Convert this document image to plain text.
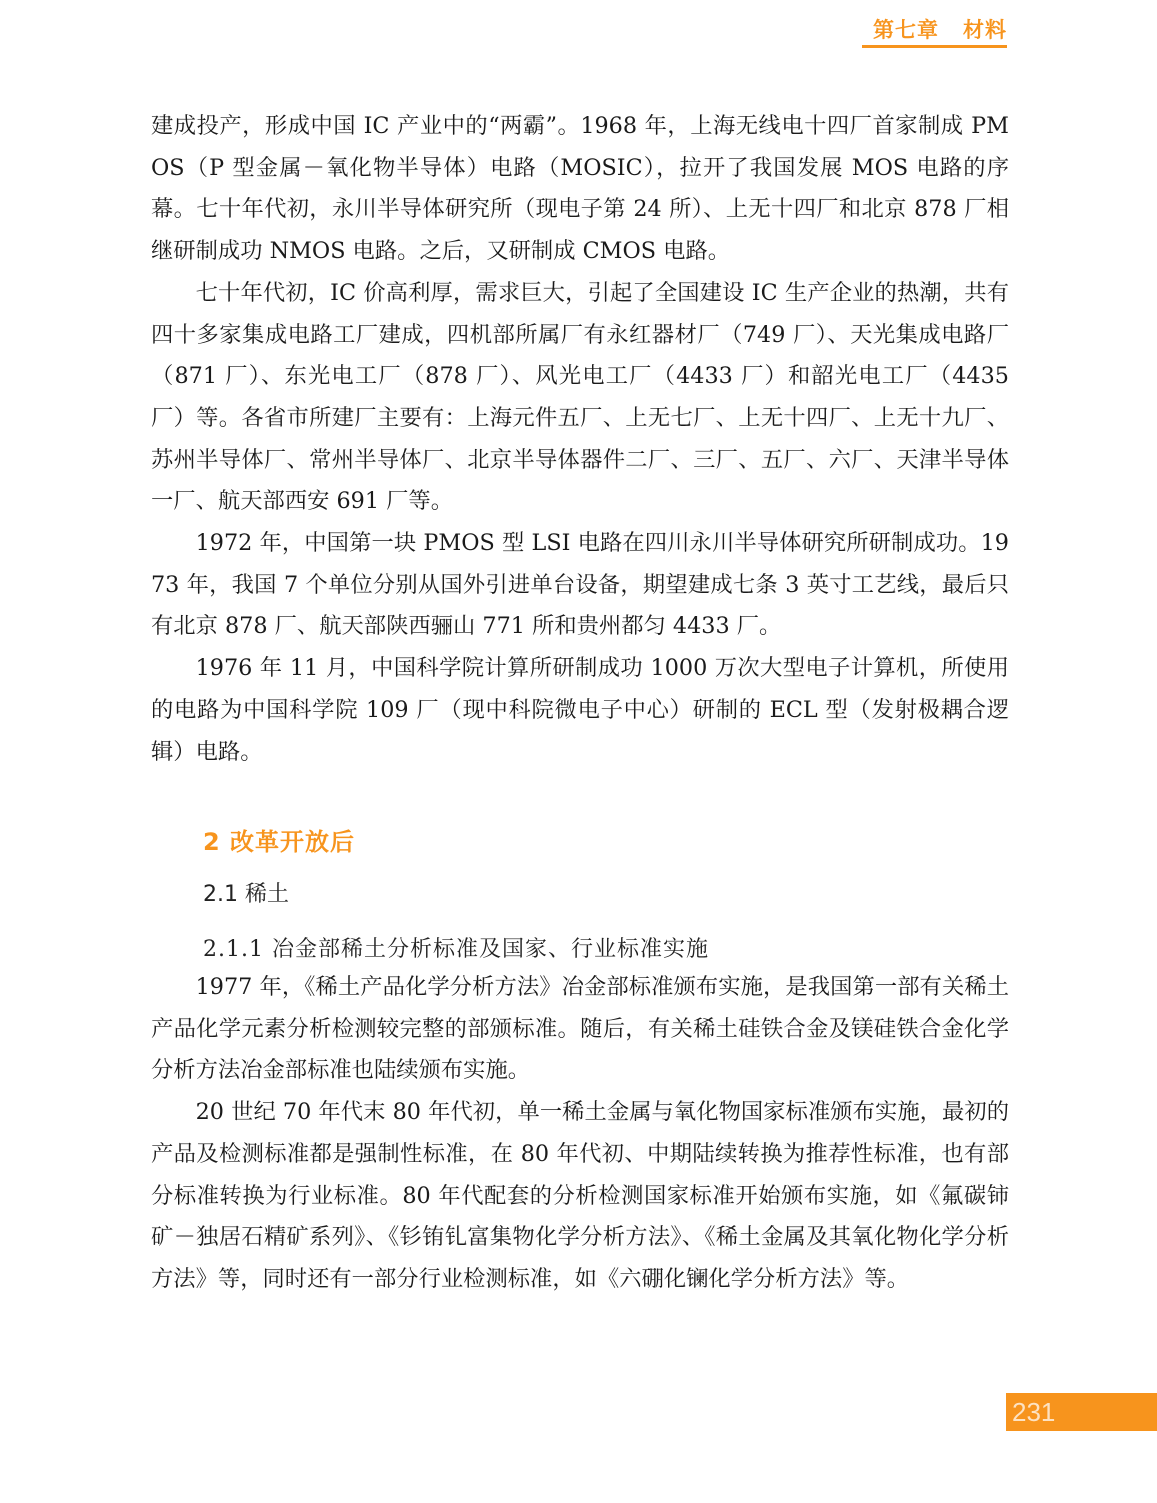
第七章 材料

建成投产，形成中国 IC 产业中的“两霸”。1968 年，上海无线电十四厂首家制成 PMOS（P 型金属－氧化物半导体）电路（MOSIC），拉开了我国发展 MOS 电路的序幕。七十年代初，永川半导体研究所（现电子第 24 所）、上无十四厂和北京 878 厂相继研制成功 NMOS 电路。之后，又研制成 CMOS 电路。

七十年代初，IC 价高利厚，需求巨大，引起了全国建设 IC 生产企业的热潮，共有四十多家集成电路工厂建成，四机部所属厂有永红器材厂（749 厂）、天光集成电路厂（871 厂）、东光电工厂（878 厂）、风光电工厂（4433 厂）和韶光电工厂（4435 厂）等。各省市所建厂主要有：上海元件五厂、上无七厂、上无十四厂、上无十九厂、苏州半导体厂、常州半导体厂、北京半导体器件二厂、三厂、五厂、六厂、天津半导体一厂、航天部西安 691 厂等。

1972 年，中国第一块 PMOS 型 LSI 电路在四川永川半导体研究所研制成功。1973 年，我国 7 个单位分别从国外引进单台设备，期望建成七条 3 英寸工艺线，最后只有北京 878 厂、航天部陕西骊山 771 所和贵州都匀 4433 厂。

1976 年 11 月，中国科学院计算所研制成功 1000 万次大型电子计算机，所使用的电路为中国科学院 109 厂（现中科院微电子中心）研制的 ECL 型（发射极耦合逻辑）电路。

2 改革开放后
2.1 稀土
2.1.1 冶金部稀土分析标准及国家、行业标准实施

1977 年，《稀土产品化学分析方法》冶金部标准颁布实施，是我国第一部有关稀土产品化学元素分析检测较完整的部颁标准。随后，有关稀土硅铁合金及镁硅铁合金化学分析方法冶金部标准也陆续颁布实施。

20 世纪 70 年代末 80 年代初，单一稀土金属与氧化物国家标准颁布实施，最初的产品及检测标准都是强制性标准，在 80 年代初、中期陆续转换为推荐性标准，也有部分标准转换为行业标准。80 年代配套的分析检测国家标准开始颁布实施，如《氟碳铈矿－独居石精矿系列》、《钐铕钆富集物化学分析方法》、《稀土金属及其氧化物化学分析方法》等，同时还有一部分行业检测标准，如《六硼化镧化学分析方法》等。

231
